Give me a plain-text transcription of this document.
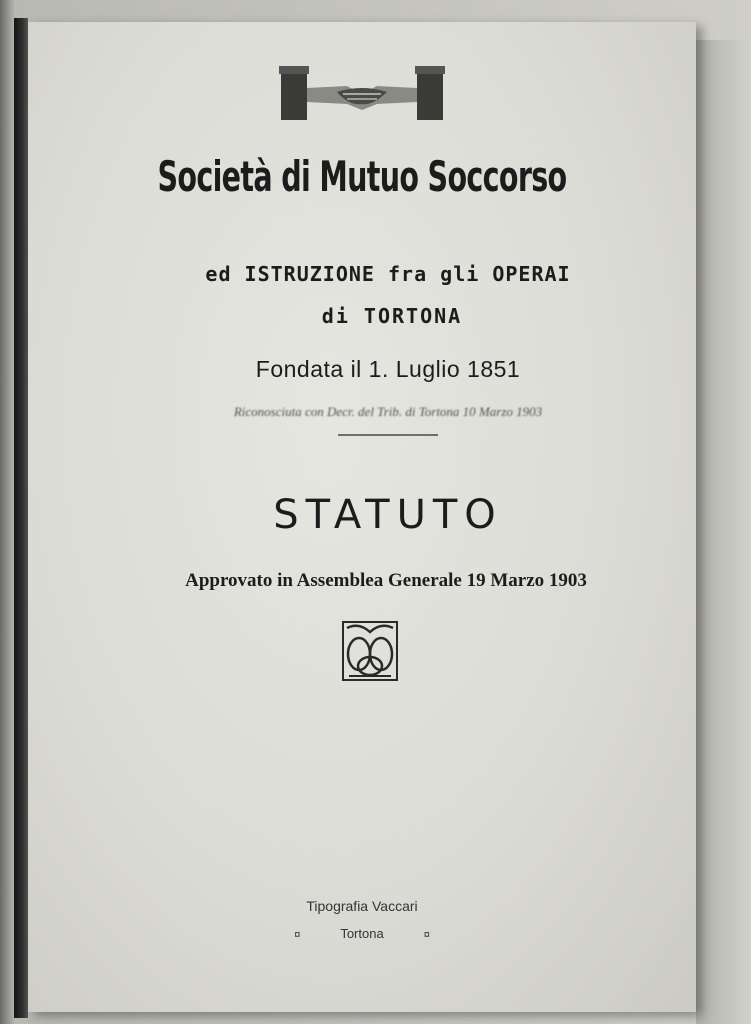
Società di Mutuo Soccorso
ed ISTRUZIONE fra gli OPERAI
di TORTONA
Fondata il 1. Luglio 1851
Riconosciuta con Decr. del Trib. di Tortona 10 Marzo 1903
STATUTO
Approvato in Assemblea Generale 19 Marzo 1903
Tipografia Vaccari
¤	Tortona	¤
